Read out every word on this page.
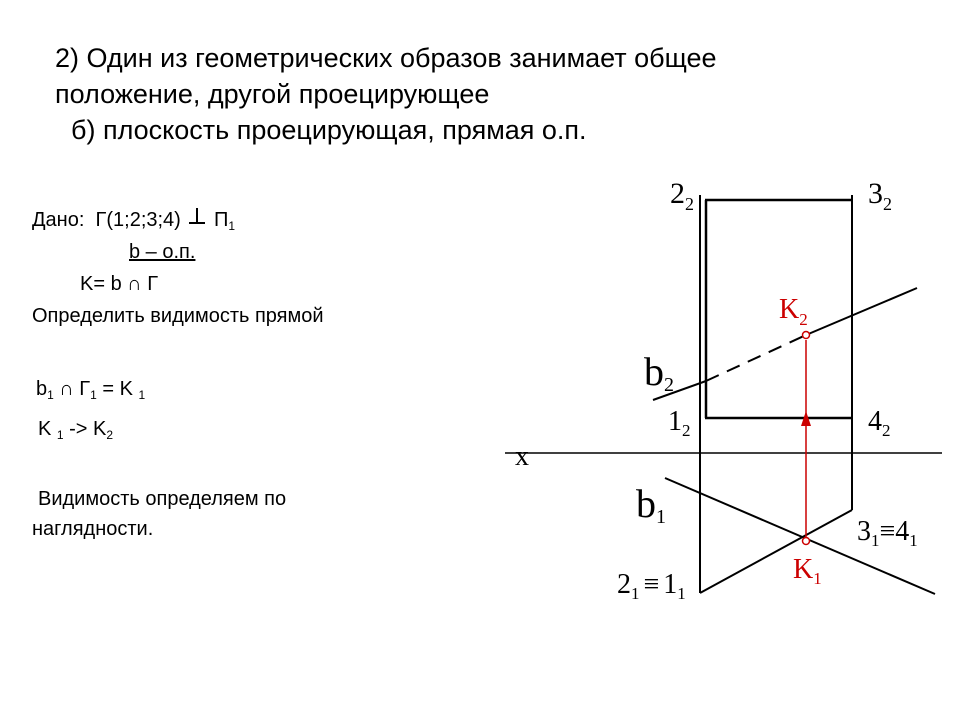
2) Один из геометрических образов занимает общее
положение, другой проецирующее
б) плоскость проецирующая, прямая о.п.
Дано: Г(1;2;3;4) $П_1$
b – о.п.
K= b ∩ Г
Определить видимость прямой
$b_1$ ∩ $Г_1 = K$ $_1$
K $_1 -> K_2$
Видимость определяем по
наглядности.
$2_2$	$3_2$
$K_2$
b2
$1_2$	$4_2$
x
b1	$3_1\equiv 4_1$
$K_1$
$2_1 \equiv 1_1$
